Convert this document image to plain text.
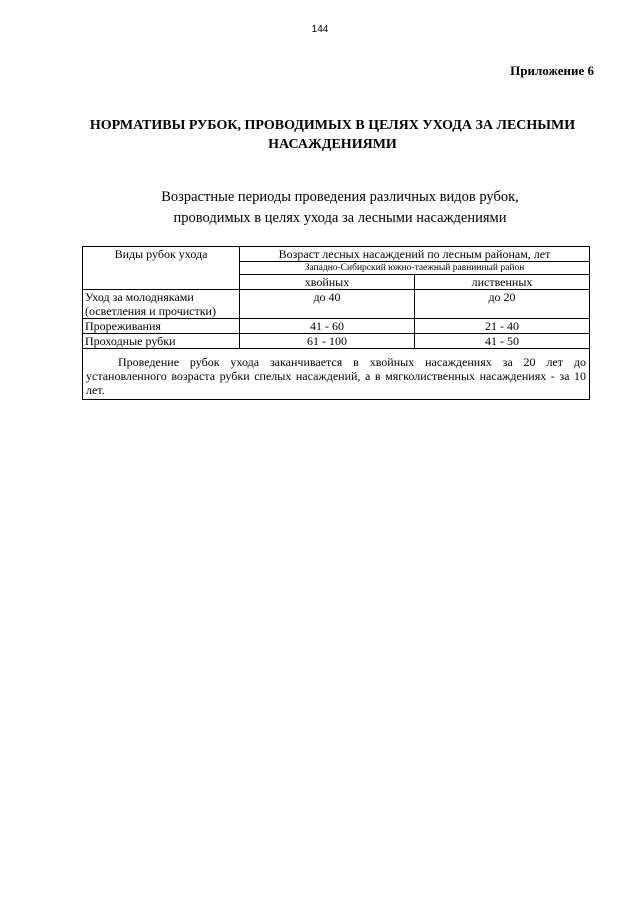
144
Приложение 6
НОРМАТИВЫ РУБОК, ПРОВОДИМЫХ В ЦЕЛЯХ УХОДА ЗА ЛЕСНЫМИ НАСАЖДЕНИЯМИ
Возрастные периоды проведения различных видов рубок,
проводимых в целях ухода за лесными насаждениями
Виды рубок ухода	Возраст лесных насаждений по лесным районам, лет	
	Западно-Сибирский южно-таежный равнинный район	
	хвойных	лиственных
Уход за молодняками (осветления и прочистки)	до 40	до 20
Прореживания	41 - 60	21 - 40
Проходные рубки	61 - 100	41 - 50

Проведение рубок ухода заканчивается в хвойных насаждениях за 20 лет до установленного возраста рубки спелых насаждений, а в мягколиственных насаждениях - за 10 лет.		
